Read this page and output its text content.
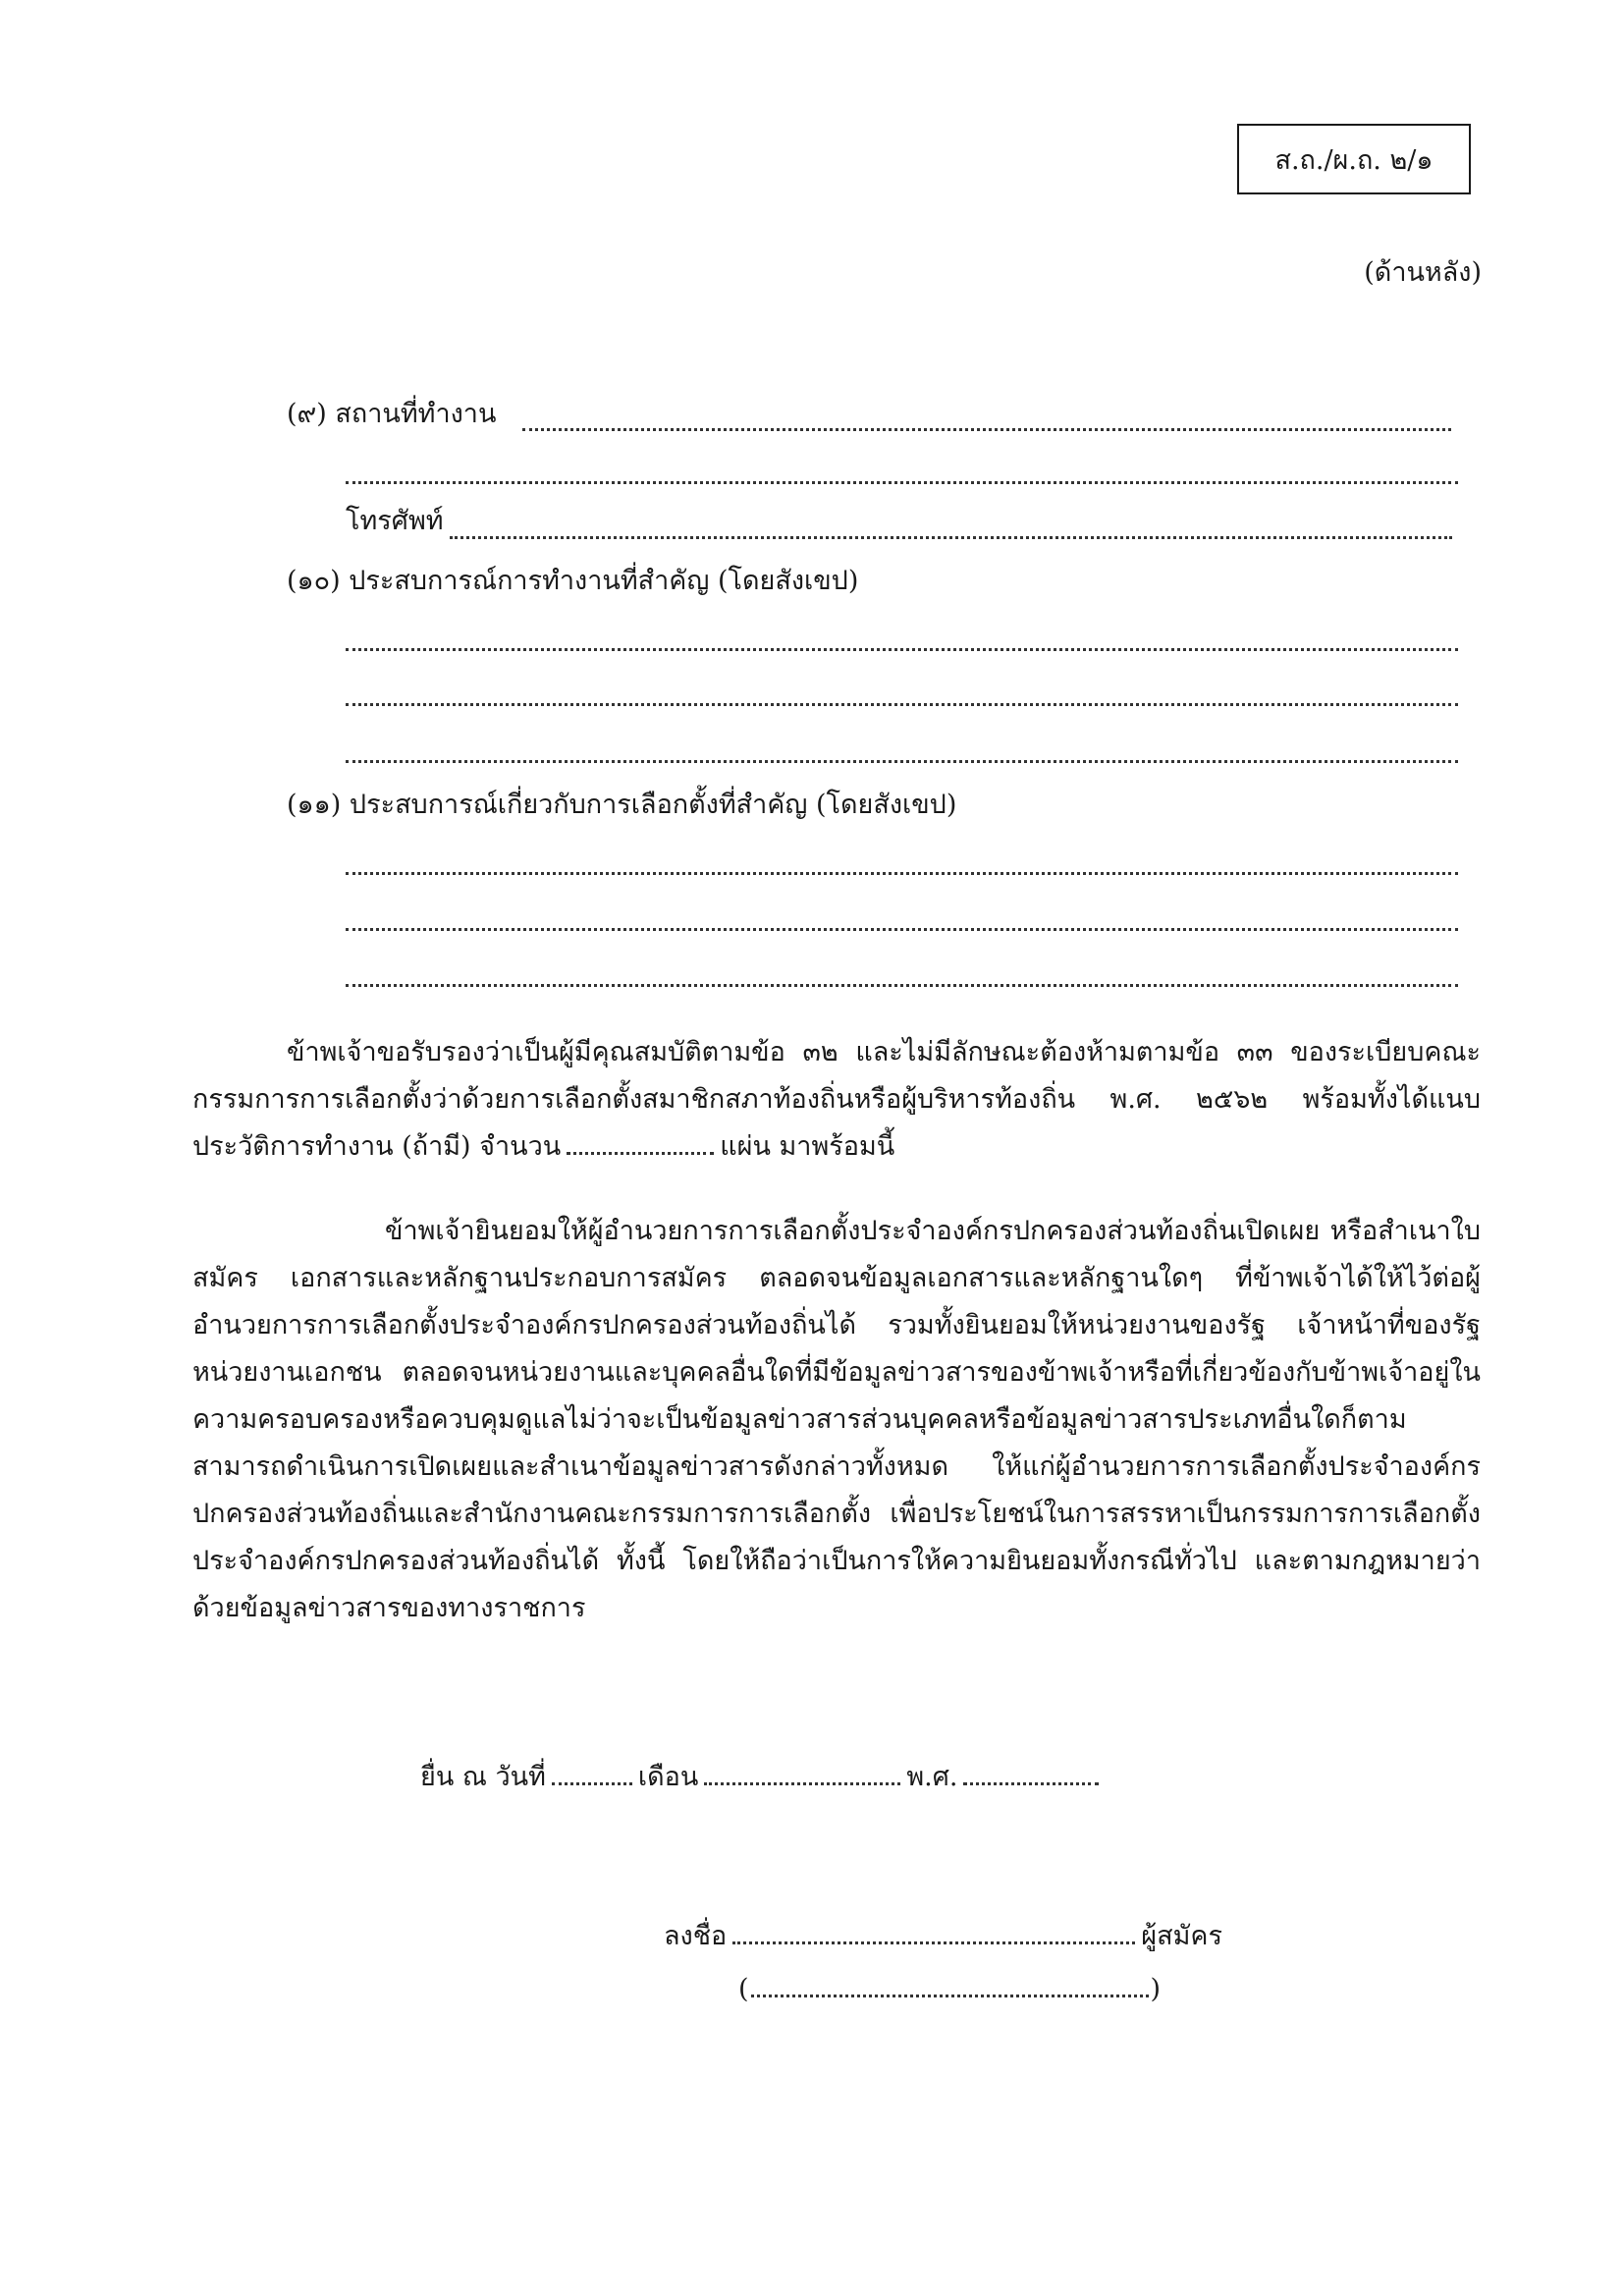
ส.ถ./ผ.ถ. ๒/๑
(ด้านหลัง)
(๙) สถานที่ทำงาน
โทรศัพท์
(๑๐) ประสบการณ์การทำงานที่สำคัญ (โดยสังเขป)
(๑๑) ประสบการณ์เกี่ยวกับการเลือกตั้งที่สำคัญ (โดยสังเขป)
ข้าพเจ้าขอรับรองว่าเป็นผู้มีคุณสมบัติตามข้อ ๓๒ และไม่มีลักษณะต้องห้ามตามข้อ ๓๓ ของระเบียบคณะกรรมการการเลือกตั้งว่าด้วยการเลือกตั้งสมาชิกสภาท้องถิ่นหรือผู้บริหารท้องถิ่น พ.ศ. ๒๕๖๒ พร้อมทั้งได้แนบประวัติการทำงาน (ถ้ามี) จำนวน	แผ่น มาพร้อมนี้
ข้าพเจ้ายินยอมให้ผู้อำนวยการการเลือกตั้งประจำองค์กรปกครองส่วนท้องถิ่นเปิดเผย หรือสำเนาใบสมัคร เอกสารและหลักฐานประกอบการสมัคร ตลอดจนข้อมูลเอกสารและหลักฐานใดๆ ที่ข้าพเจ้าได้ให้ไว้ต่อผู้อำนวยการการเลือกตั้งประจำองค์กรปกครองส่วนท้องถิ่นได้ รวมทั้งยินยอมให้หน่วยงานของรัฐ เจ้าหน้าที่ของรัฐ หน่วยงานเอกชน ตลอดจนหน่วยงานและบุคคลอื่นใดที่มีข้อมูลข่าวสารของข้าพเจ้าหรือที่เกี่ยวข้องกับข้าพเจ้าอยู่ในความครอบครองหรือควบคุมดูแลไม่ว่าจะเป็นข้อมูลข่าวสารส่วนบุคคลหรือข้อมูลข่าวสารประเภทอื่นใดก็ตาม สามารถดำเนินการเปิดเผยและสำเนาข้อมูลข่าวสารดังกล่าวทั้งหมด ให้แก่ผู้อำนวยการการเลือกตั้งประจำองค์กรปกครองส่วนท้องถิ่นและสำนักงานคณะกรรมการการเลือกตั้ง เพื่อประโยชน์ในการสรรหาเป็นกรรมการการเลือกตั้งประจำองค์กรปกครองส่วนท้องถิ่นได้ ทั้งนี้ โดยให้ถือว่าเป็นการให้ความยินยอมทั้งกรณีทั่วไป และตามกฎหมายว่าด้วยข้อมูลข่าวสารของทางราชการ
ยื่น ณ วันที่	เดือน	พ.ศ.
ลงชื่อ	ผู้สมัคร
(	)
